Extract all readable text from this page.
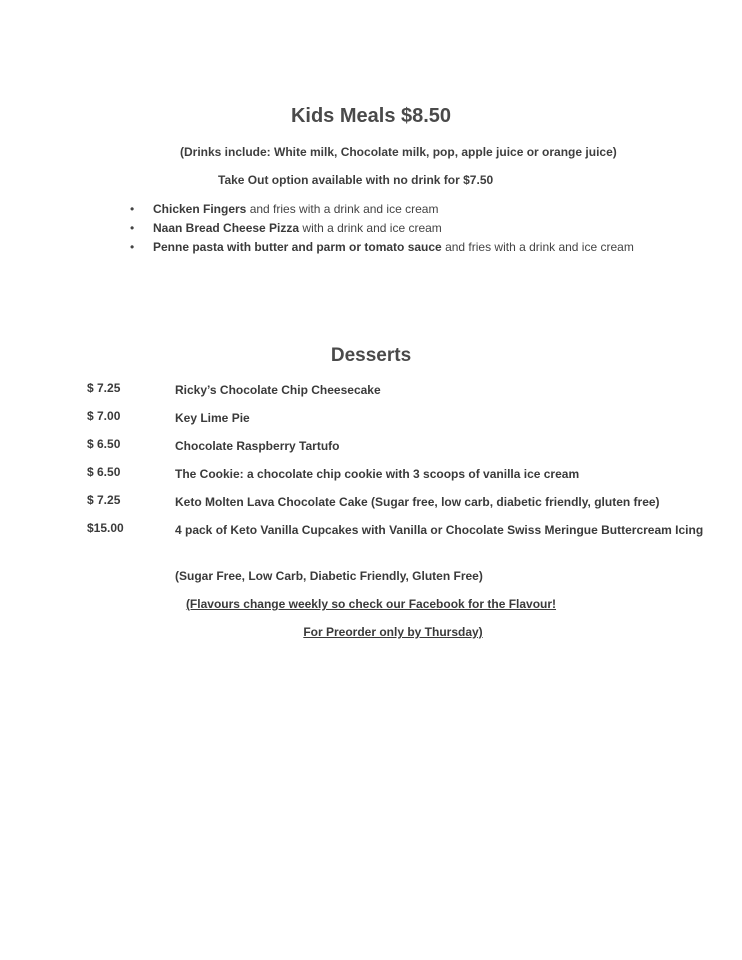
Kids Meals $8.50
(Drinks include: White milk, Chocolate milk, pop, apple juice or orange juice)
Take Out option available with no drink for $7.50
• Chicken Fingers and fries with a drink and ice cream
• Naan Bread Cheese Pizza with a drink and ice cream
• Penne pasta with butter and parm or tomato sauce and fries with a drink and ice cream
Desserts
$ 7.25	Ricky’s Chocolate Chip Cheesecake
$ 7.00	Key Lime Pie
$ 6.50	Chocolate Raspberry Tartufo
$ 6.50	The Cookie: a chocolate chip cookie with 3 scoops of vanilla ice cream
$ 7.25	Keto Molten Lava Chocolate Cake (Sugar free, low carb, diabetic friendly, gluten free)
$15.00	4 pack of Keto Vanilla Cupcakes with Vanilla or Chocolate Swiss Meringue Buttercream Icing
(Sugar Free, Low Carb, Diabetic Friendly, Gluten Free)
(Flavours change weekly so check our Facebook for the Flavour!
For Preorder only by Thursday)
